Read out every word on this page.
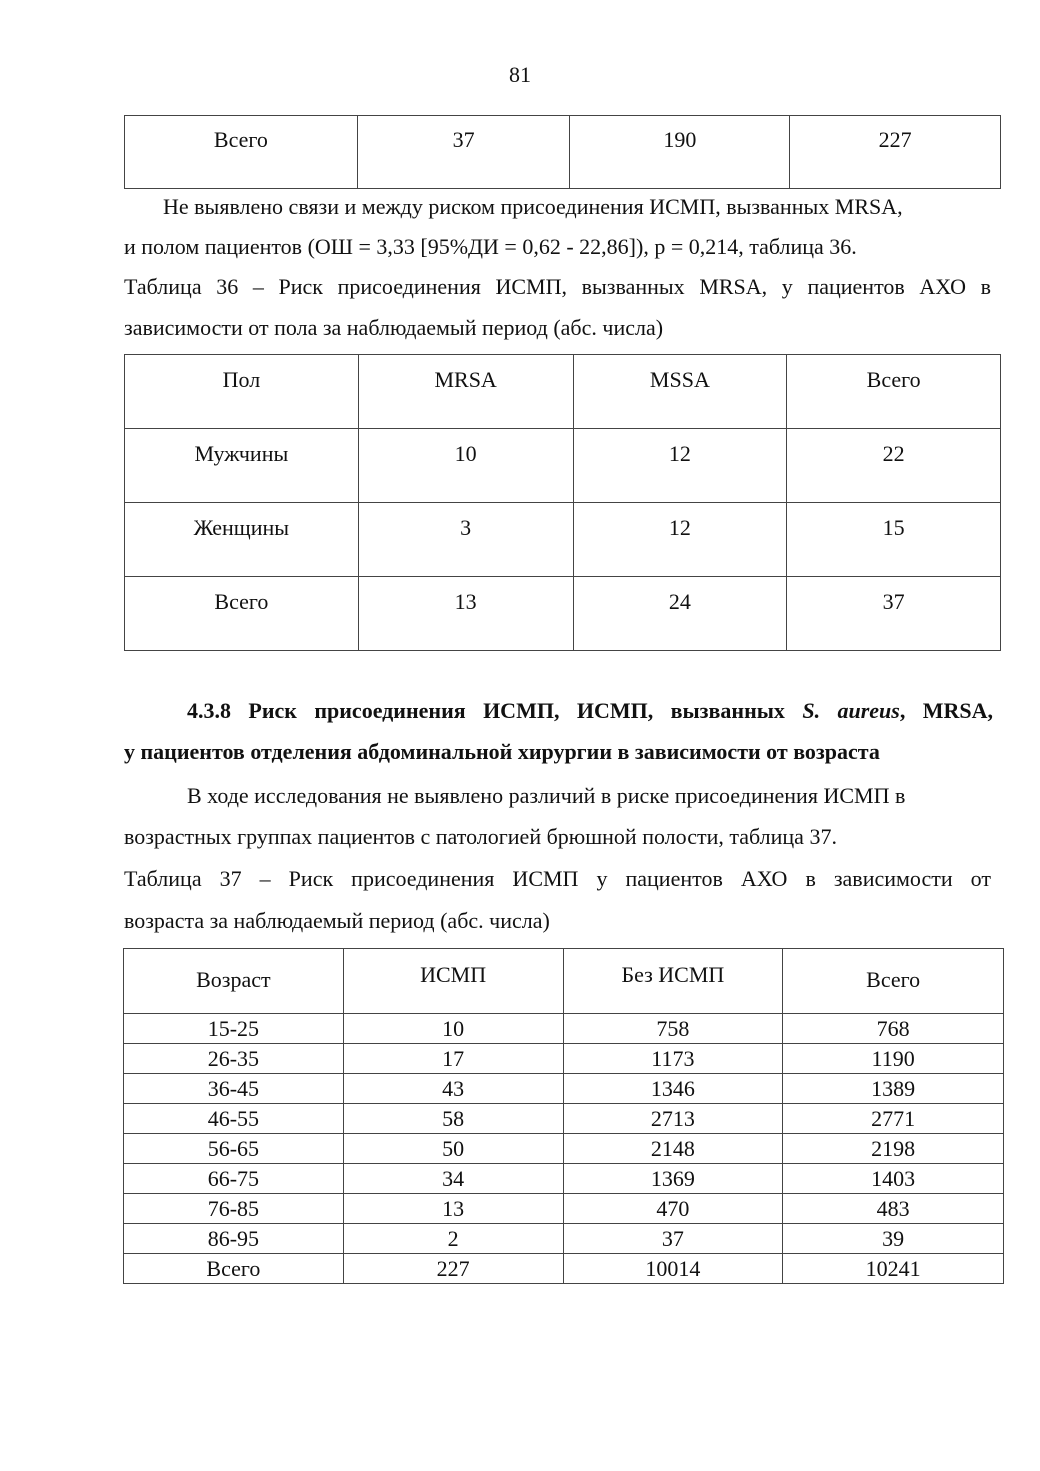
81
Всего	37	190	227
Не выявлено связи и между риском присоединения ИСМП, вызванных MRSA,
и полом пациентов (ОШ = 3,33 [95%ДИ = 0,62 - 22,86]), p = 0,214, таблица 36.
Таблица 36 – Риск присоединения ИСМП, вызванных MRSA, у пациентов АХО в
зависимости от пола за наблюдаемый период (абс. числа)
Пол	MRSA	MSSA	Всего
Мужчины	10	12	22
Женщины	3	12	15
Всего	13	24	37
4.3.8 Риск присоединения ИСМП, ИСМП, вызванных S. aureus, MRSA,
у пациентов отделения абдоминальной хирургии в зависимости от возраста
В ходе исследования не выявлено различий в риске присоединения ИСМП в
возрастных группах пациентов с патологией брюшной полости, таблица 37.
Таблица 37 – Риск присоединения ИСМП у пациентов АХО в зависимости от
возраста за наблюдаемый период (абс. числа)
Возраст	ИСМП	Без ИСМП	Всего
15-25	10	758	768
26-35	17	1173	1190
36-45	43	1346	1389
46-55	58	2713	2771
56-65	50	2148	2198
66-75	34	1369	1403
76-85	13	470	483
86-95	2	37	39
Всего	227	10014	10241
